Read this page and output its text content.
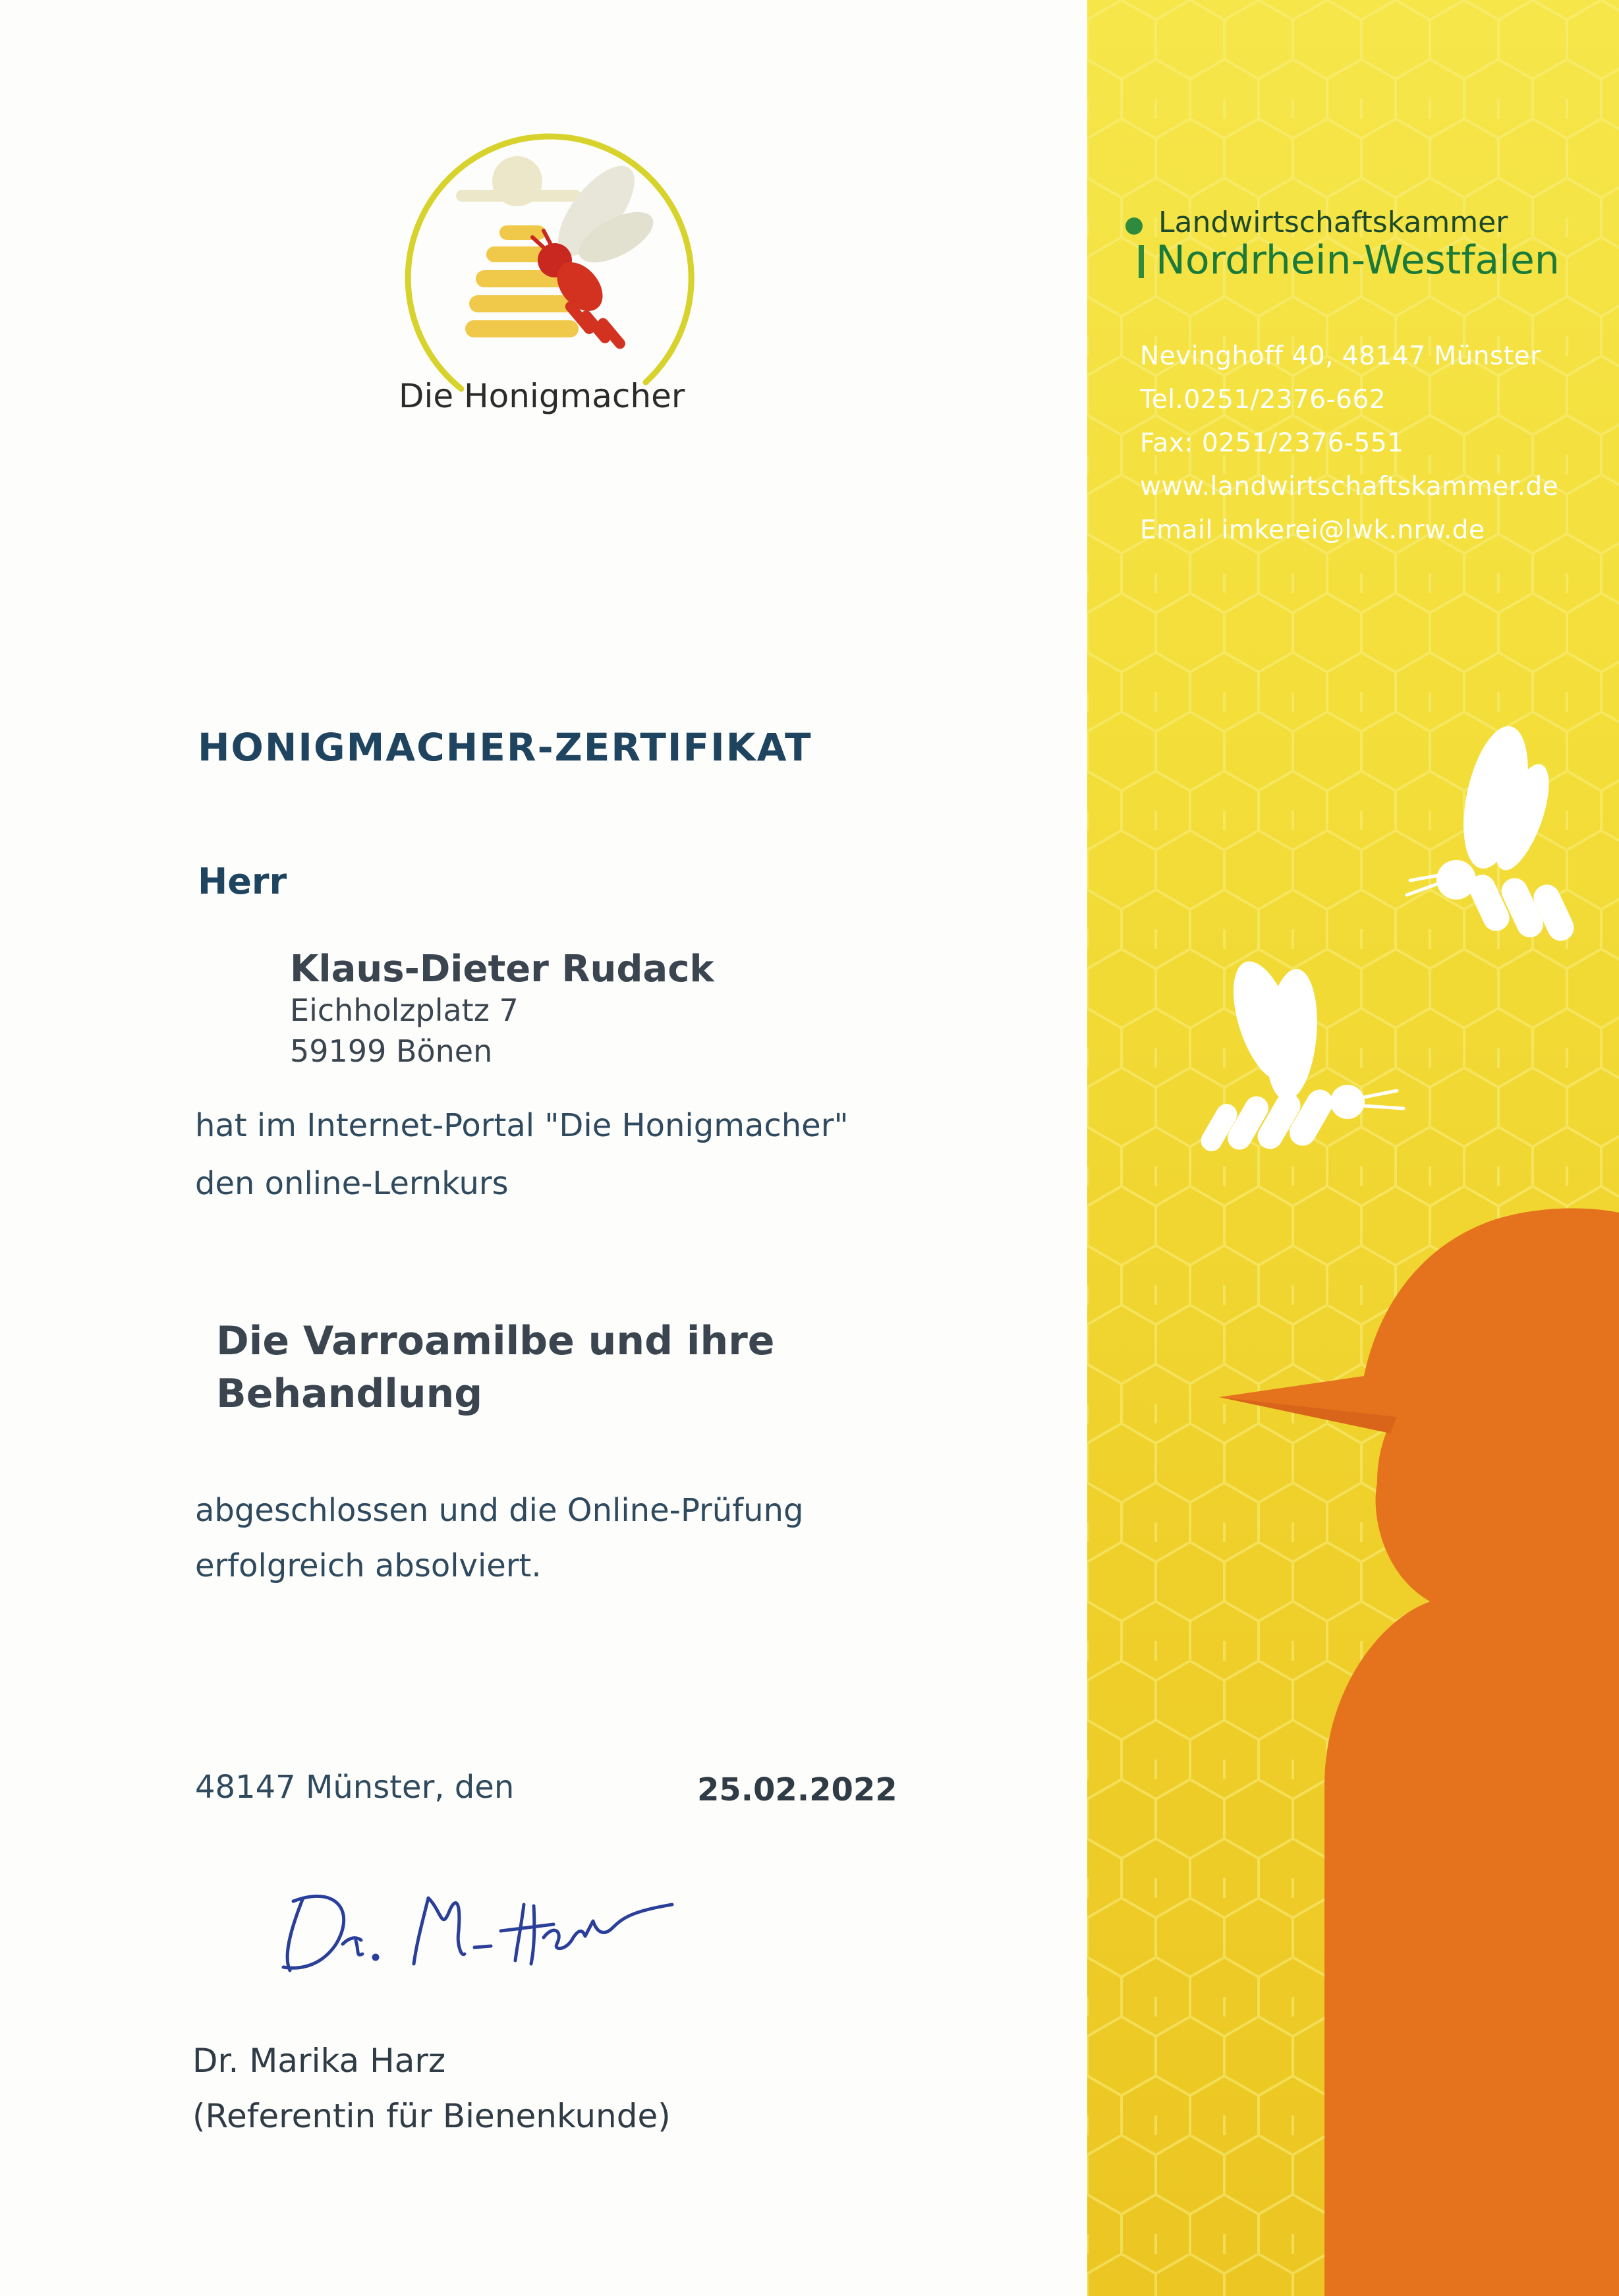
Die Honigmacher
Landwirtschaftskammer
Nordrhein-Westfalen
Nevinghoff 40, 48147 Münster
Tel.0251/2376-662
Fax: 0251/2376-551
www.landwirtschaftskammer.de
Email imkerei@lwk.nrw.de
HONIGMACHER-ZERTIFIKAT
Herr
Klaus-Dieter Rudack
Eichholzplatz 7
59199 Bönen
hat im Internet-Portal "Die Honigmacher"
den online-Lernkurs
Die Varroamilbe und ihre
Behandlung
abgeschlossen und die Online-Prüfung
erfolgreich absolviert.
48147 Münster, den	25.02.2022
Dr. Marika Harz
(Referentin für Bienenkunde)
